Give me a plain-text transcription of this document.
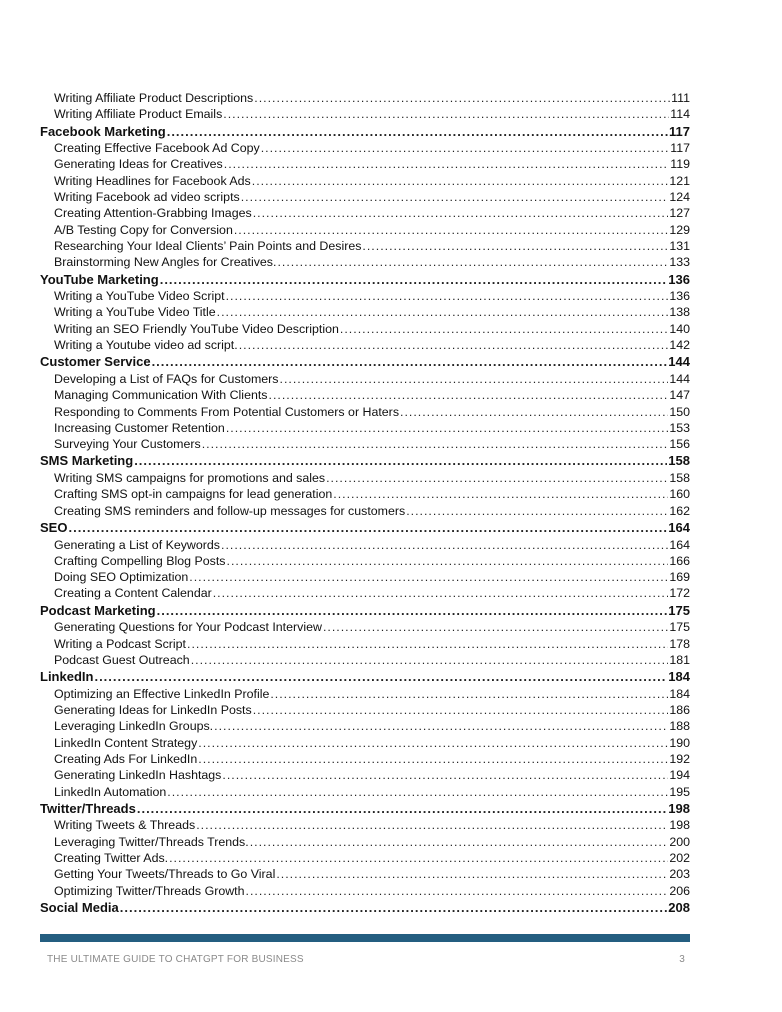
Writing Affiliate Product Descriptions .....	111
Writing Affiliate Product Emails .....	114
Facebook Marketing .....	117
Creating Effective Facebook Ad Copy .....	117
Generating Ideas for Creatives .....	119
Writing Headlines for Facebook Ads .....	121
Writing Facebook ad video scripts .....	124
Creating Attention-Grabbing Images .....	127
A/B Testing Copy for Conversion .....	129
Researching Your Ideal Clients’ Pain Points and Desires .....	131
Brainstorming New Angles for Creatives. .....	133
YouTube Marketing .....	136
Writing a YouTube Video Script .....	136
Writing a YouTube Video Title .....	138
Writing an SEO Friendly YouTube Video Description .....	140
Writing a Youtube video ad script. .....	142
Customer Service .....	144
Developing a List of FAQs for Customers .....	144
Managing Communication With Clients .....	147
Responding to Comments From Potential Customers or Haters .....	150
Increasing Customer Retention .....	153
Surveying Your Customers .....	156
SMS Marketing .....	158
Writing SMS campaigns for promotions and sales .....	158
Crafting SMS opt-in campaigns for lead generation .....	160
Creating SMS reminders and follow-up messages for customers .....	162
SEO .....	164
Generating a List of Keywords .....	164
Crafting Compelling Blog Posts .....	166
Doing SEO Optimization .....	169
Creating a Content Calendar .....	172
Podcast Marketing .....	175
Generating Questions for Your Podcast Interview .....	175
Writing a Podcast Script .....	178
Podcast Guest Outreach .....	181
LinkedIn .....	184
Optimizing an Effective LinkedIn Profile .....	184
Generating Ideas for LinkedIn Posts .....	186
Leveraging LinkedIn Groups. .....	188
LinkedIn Content Strategy .....	190
Creating Ads For LinkedIn .....	192
Generating LinkedIn Hashtags .....	194
LinkedIn Automation .....	195
Twitter/Threads .....	198
Writing Tweets & Threads .....	198
Leveraging Twitter/Threads Trends. .....	200
Creating Twitter Ads. .....	202
Getting Your Tweets/Threads to Go Viral .....	203
Optimizing Twitter/Threads Growth .....	206
Social Media .....	208
THE ULTIMATE GUIDE TO CHATGPT FOR BUSINESS	3
